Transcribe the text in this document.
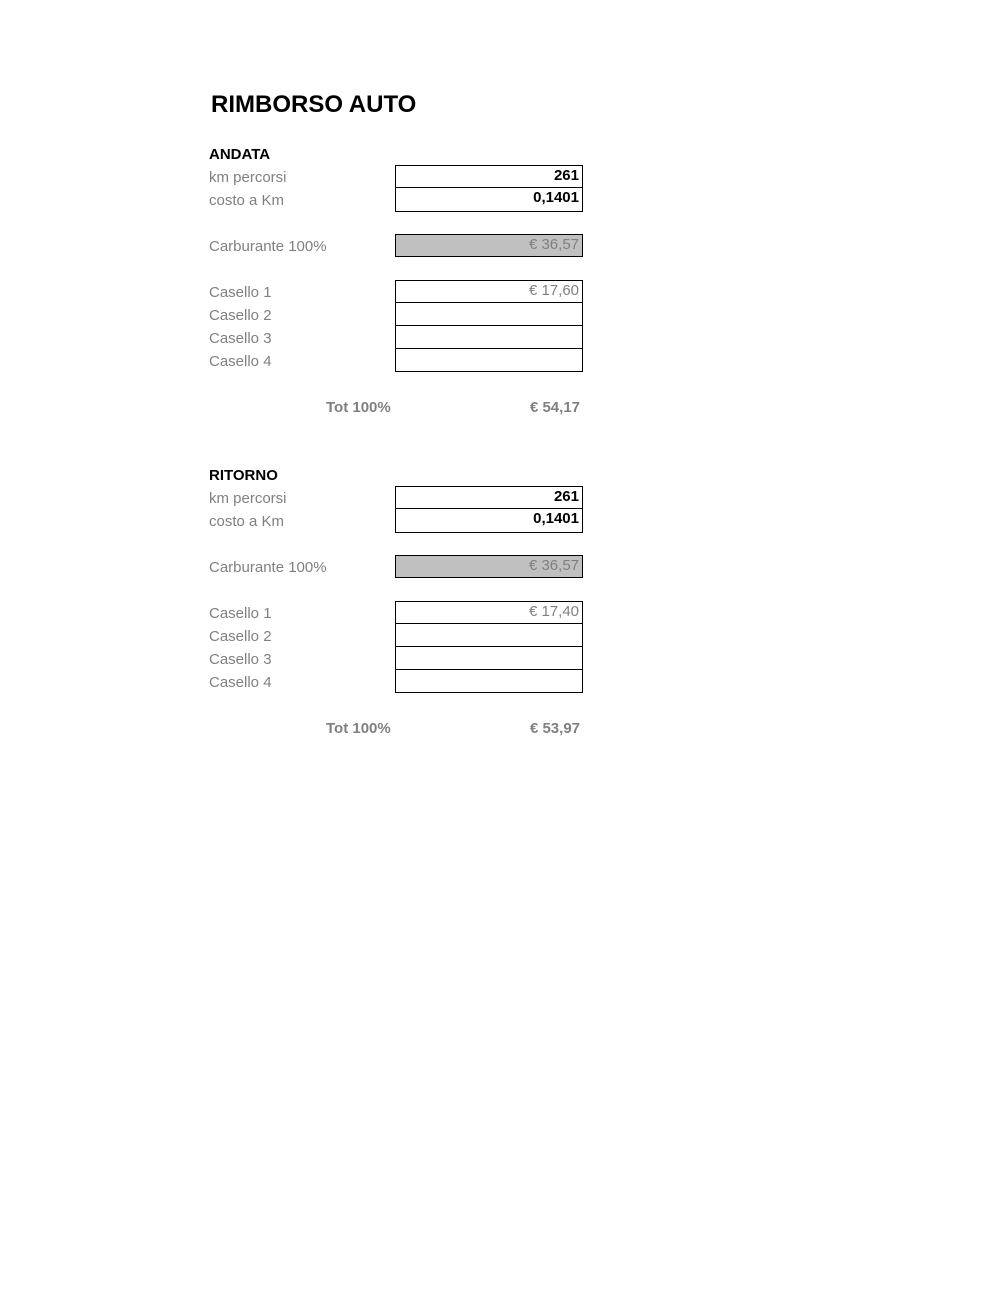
RIMBORSO AUTO
ANDATA
km percorsi	261
costo a Km	0,1401
Carburante 100%	€ 36,57
Casello 1	€ 17,60
Casello 2
Casello 3
Casello 4
Tot 100%	€ 54,17
RITORNO
km percorsi	261
costo a Km	0,1401
Carburante 100%	€ 36,57
Casello 1	€ 17,40
Casello 2
Casello 3
Casello 4
Tot 100%	€ 53,97
